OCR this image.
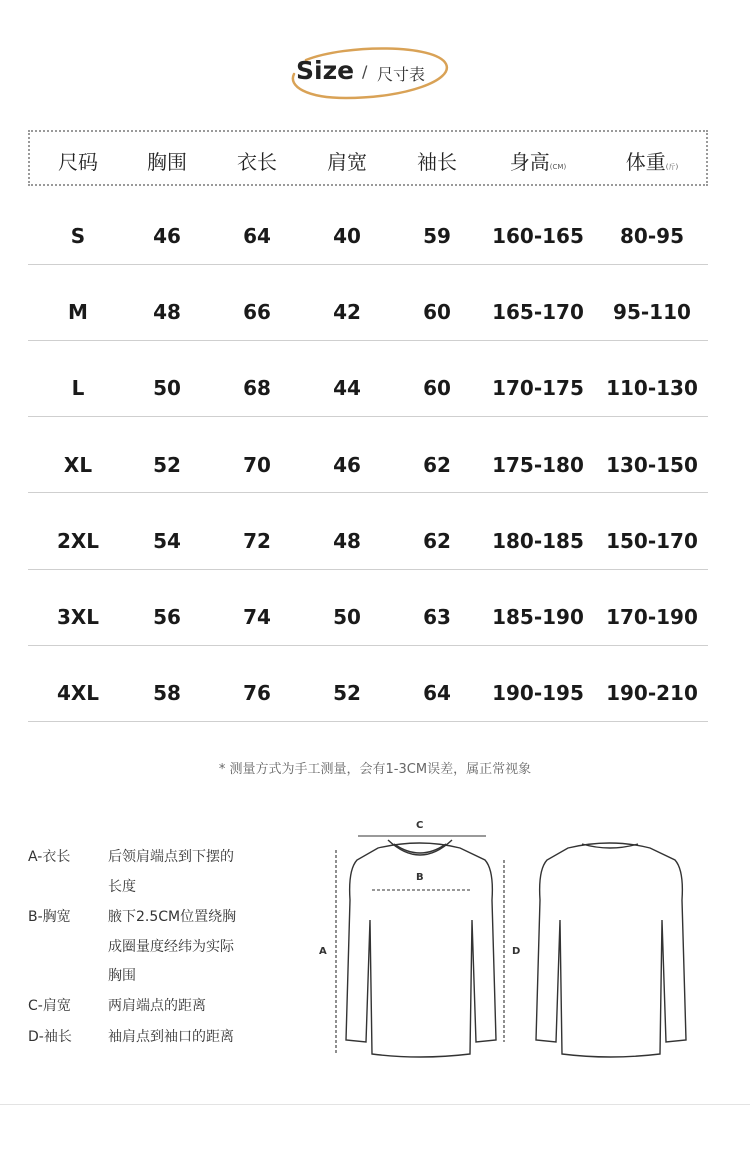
Size / 尺寸表
尺码	胸围	衣长	肩宽	袖长	身高(CM)	体重(斤)
S	46	64	40	59	160-165	80-95
M	48	66	42	60	165-170	95-110
L	50	68	44	60	170-175 110-130
XL	52	70	46	62	175-180 130-150
2XL	54	72	48	62	180-185 150-170
3XL	56	74	50	63	185-190 170-190
4XL	58	76	52	64	190-195 190-210
* 测量方式为手工测量，会有1-3CM误差，属正常视象
A-衣长	后领肩端点到下摆的
长度
B-胸宽	腋下2.5CM位置绕胸
成圈量度经纬为实际
胸围
C-肩宽	两肩端点的距离
D-袖长	袖肩点到袖口的距离
C
B
A	D
